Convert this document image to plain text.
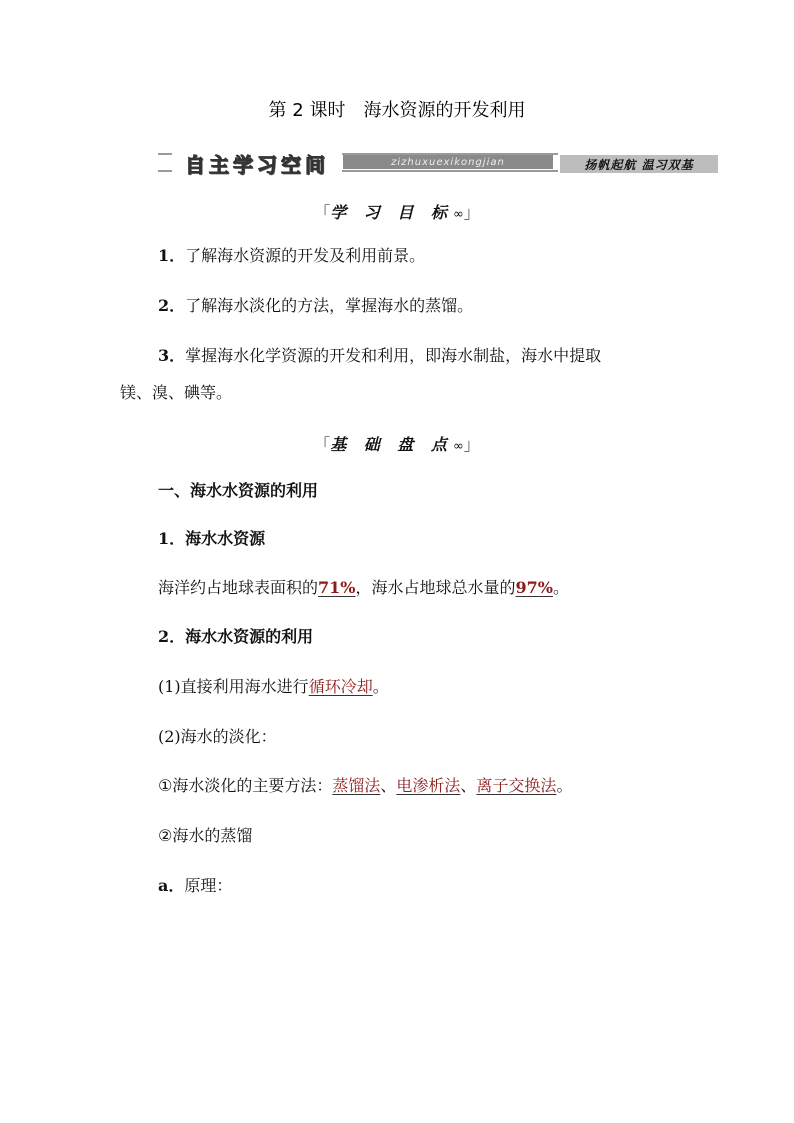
第 2 课时 海水资源的开发利用
自主学习空间	zizhuxuexikongjian	扬帆起航 温习双基
「学 习 目 标∞」
1．了解海水资源的开发及利用前景。
2．了解海水淡化的方法，掌握海水的蒸馏。
3．掌握海水化学资源的开发和利用，即海水制盐，海水中提取
镁、溴、碘等。
「基 础 盘 点∞」
一、海水水资源的利用
1．海水水资源
海洋约占地球表面积的71%，海水占地球总水量的97%。
2．海水水资源的利用
(1)直接利用海水进行循环冷却。
(2)海水的淡化：
①海水淡化的主要方法：蒸馏法、电渗析法、离子交换法。
②海水的蒸馏
a．原理：
